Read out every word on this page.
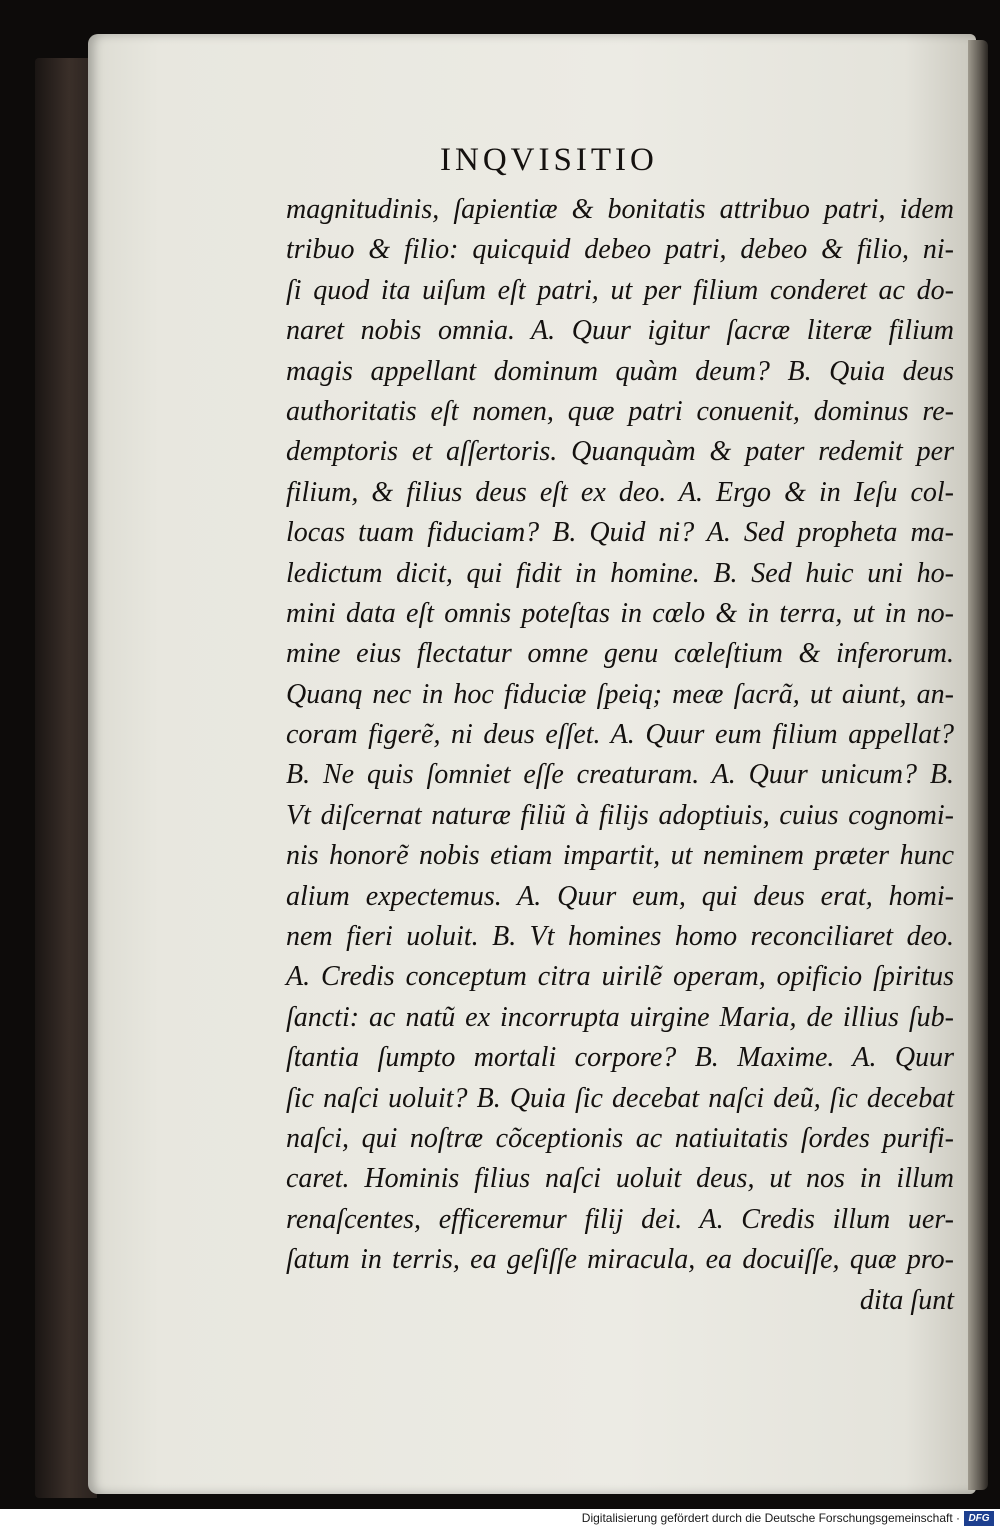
INQVISITIO
magnitudinis, ſapientiæ & bonitatis attribuo patri, idem
tribuo & filio: quicquid debeo patri, debeo & filio, ni-
ſi quod ita uiſum eſt patri, ut per filium conderet ac do-
naret nobis omnia. A. Quur igitur ſacræ literæ filium
magis appellant dominum quàm deum? B. Quia deus
authoritatis eſt nomen, quæ patri conuenit, dominus re-
demptoris et aſſertoris. Quanquàm & pater redemit per
filium, & filius deus eſt ex deo. A. Ergo & in Ieſu col-
locas tuam fiduciam? B. Quid ni? A. Sed propheta ma-
ledictum dicit, qui fidit in homine. B. Sed huic uni ho-
mini data eſt omnis poteſtas in cœlo & in terra, ut in no-
mine eius flectatur omne genu cœleſtium & inferorum.
Quanq nec in hoc fiduciæ ſpeiq; meæ ſacrã, ut aiunt, an-
coram figerẽ, ni deus eſſet. A. Quur eum filium appellat?
B. Ne quis ſomniet eſſe creaturam. A. Quur unicum? B.
Vt diſcernat naturæ filiũ à filijs adoptiuis, cuius cognomi-
nis honorẽ nobis etiam impartit, ut neminem præter hunc
alium expectemus. A. Quur eum, qui deus erat, homi-
nem fieri uoluit. B. Vt homines homo reconciliaret deo.
A. Credis conceptum citra uirilẽ operam, opificio ſpiritus
ſancti: ac natũ ex incorrupta uirgine Maria, de illius ſub-
ſtantia ſumpto mortali corpore? B. Maxime. A. Quur
ſic naſci uoluit? B. Quia ſic decebat naſci deũ, ſic decebat
naſci, qui noſtræ cõceptionis ac natiuitatis ſordes purifi-
caret. Hominis filius naſci uoluit deus, ut nos in illum
renaſcentes, efficeremur filij dei. A. Credis illum uer-
ſatum in terris, ea geſiſſe miracula, ea docuiſſe, quæ pro-
dita ſunt
Digitalisierung gefördert durch die Deutsche Forschungsgemeinschaft · DFG
